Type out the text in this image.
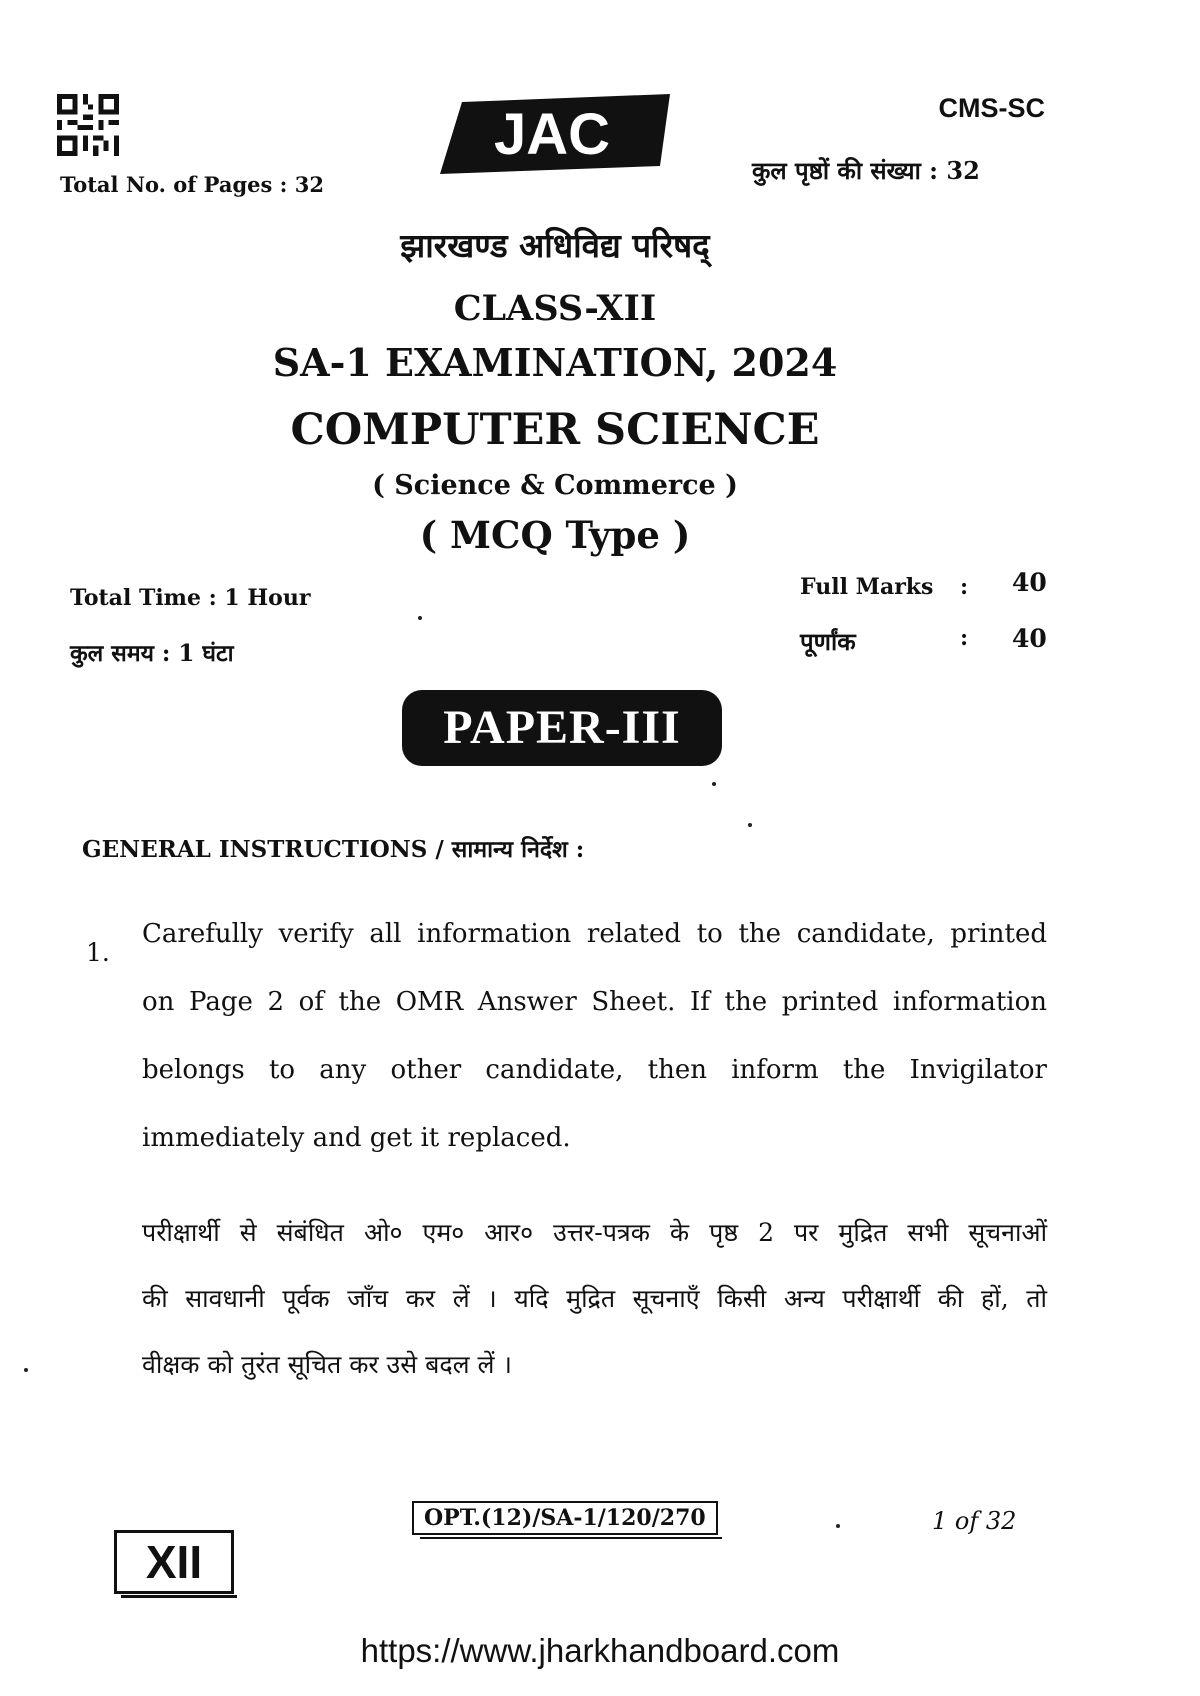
Total No. of Pages : 32
JAC	CMS-SC
कुल पृष्ठों की संख्या : 32
झारखण्ड अधिविद्य परिषद्
CLASS-XII
SA-1 EXAMINATION, 2024
COMPUTER SCIENCE
( Science & Commerce )
( MCQ Type )
Total Time : 1 Hour
कुल समय : 1 घंटा
Full Marks
पूर्णांक
:
:
40
40
PAPER-III
GENERAL INSTRUCTIONS / सामान्य निर्देश :
1.
Carefully verify all information related to the candidate, printed
on Page 2 of the OMR Answer Sheet. If the printed information
belongs to any other candidate, then inform the Invigilator
immediately and get it replaced.
परीक्षार्थी से संबंधित ओ० एम० आर० उत्तर-पत्रक के पृष्ठ 2 पर मुद्रित सभी सूचनाओं
की सावधानी पूर्वक जाँच कर लें । यदि मुद्रित सूचनाएँ किसी अन्य परीक्षार्थी की हों, तो
वीक्षक को तुरंत सूचित कर उसे बदल लें ।
OPT.(12)/SA-1/120/270	1 of 32
XII
https://www.jharkhandboard.com
